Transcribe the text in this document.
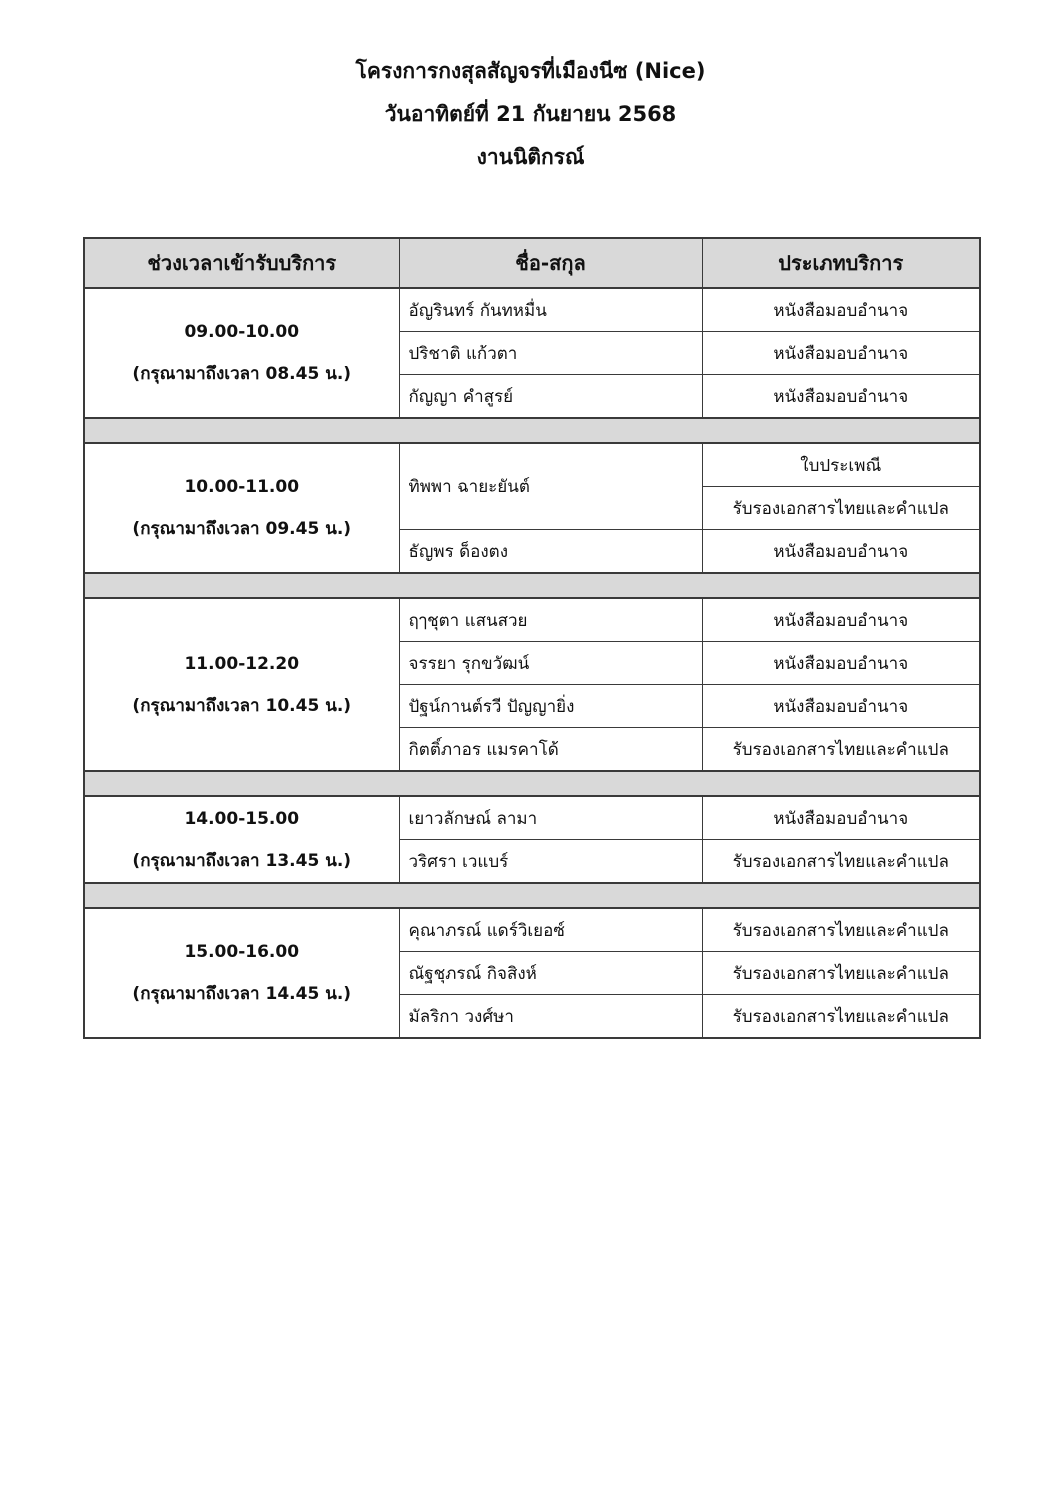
โครงการกงสุลสัญจรที่เมืองนีซ (Nice)
วันอาทิตย์ที่ 21 กันยายน 2568
งานนิติกรณ์
ช่วงเวลาเข้ารับบริการ	ชื่อ-สกุล	ประเภทบริการ

09.00-10.00
(กรุณามาถึงเวลา 08.45 น.)	อัญรินทร์ กันทหมื่น	หนังสือมอบอำนาจ
	ปริชาติ แก้วตา	หนังสือมอบอำนาจ
	กัญญา คำสูรย์	หนังสือมอบอำนาจ

10.00-11.00
(กรุณามาถึงเวลา 09.45 น.)	ทิพพา ฉายะยันต์	ใบประเพณี
		รับรองเอกสารไทยและคำแปล
	ธัญพร ด็องตง	หนังสือมอบอำนาจ

11.00-12.20
(กรุณามาถึงเวลา 10.45 น.)	ฤๅชุตา แสนสวย	หนังสือมอบอำนาจ
	จรรยา รุกขวัฒน์	หนังสือมอบอำนาจ
	ปัฐน์กานต์รวี ปัญญายิ่ง	หนังสือมอบอำนาจ
	กิตติ์ภาอร แมรคาโด้	รับรองเอกสารไทยและคำแปล

14.00-15.00
(กรุณามาถึงเวลา 13.45 น.)	เยาวลักษณ์ ลามา	หนังสือมอบอำนาจ
	วริศรา เวแบร์	รับรองเอกสารไทยและคำแปล

15.00-16.00
(กรุณามาถึงเวลา 14.45 น.)	คุณาภรณ์ แดร์วิเยอซ์	รับรองเอกสารไทยและคำแปล
	ณัฐชุภรณ์ กิจสิงห์	รับรองเอกสารไทยและคำแปล
	มัลริกา วงศ์ษา	รับรองเอกสารไทยและคำแปล
